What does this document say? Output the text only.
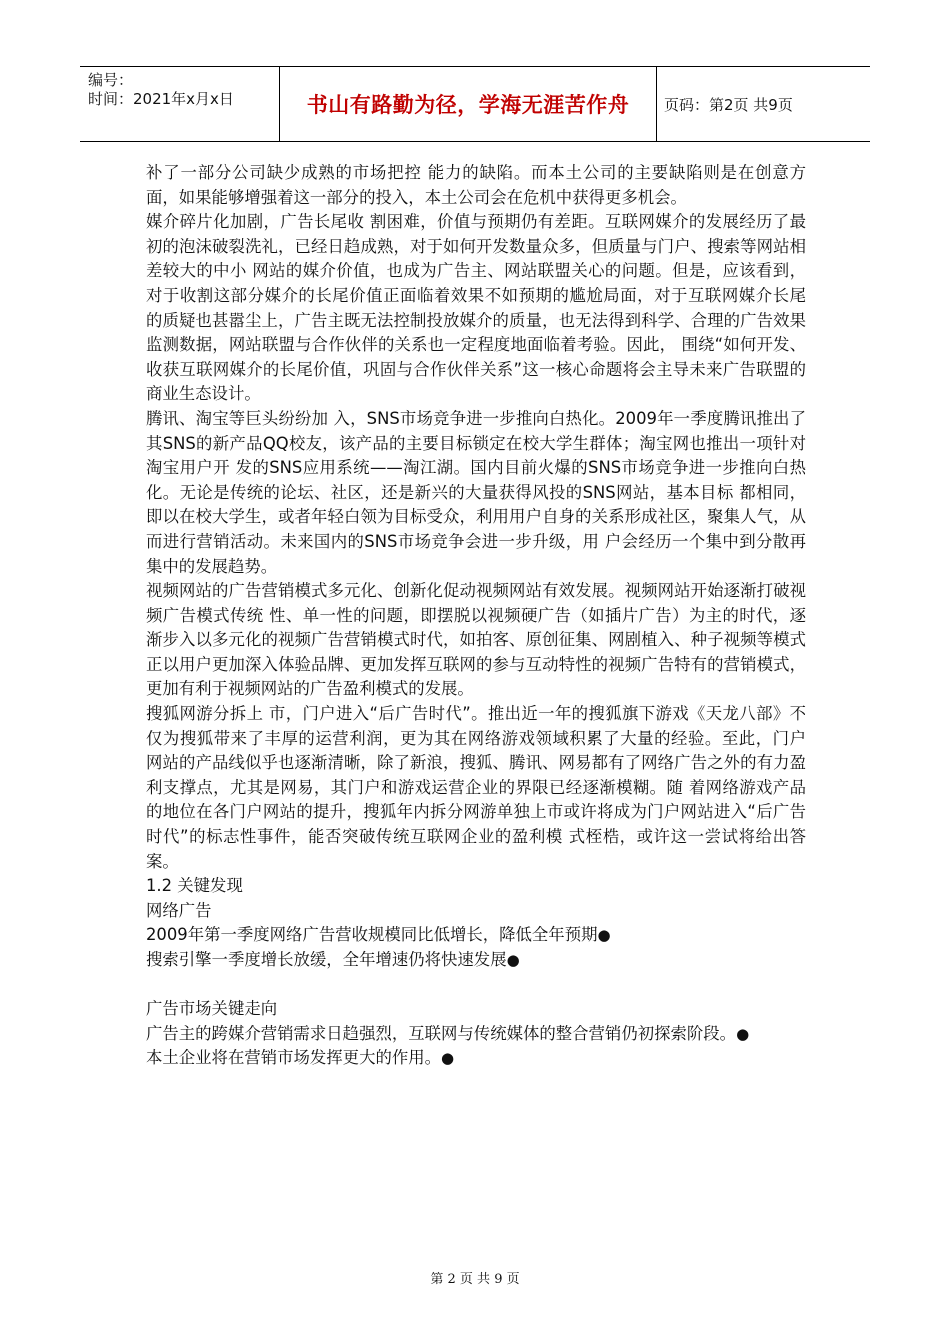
编号：
时间：2021年x月x日	书山有路勤为径，学海无涯苦作舟	页码：第2页 共9页

补了一部分公司缺少成熟的市场把控 能力的缺陷。而本土公司的主要缺陷则是在创意方面，如果能够增强着这一部分的投入，本土公司会在危机中获得更多机会。

媒介碎片化加剧，广告长尾收 割困难，价值与预期仍有差距。互联网媒介的发展经历了最初的泡沫破裂洗礼，已经日趋成熟，对于如何开发数量众多，但质量与门户、搜索等网站相差较大的中小 网站的媒介价值，也成为广告主、网站联盟关心的问题。但是，应该看到，对于收割这部分媒介的长尾价值正面临着效果不如预期的尴尬局面，对于互联网媒介长尾 的质疑也甚嚣尘上，广告主既无法控制投放媒介的质量，也无法得到科学、合理的广告效果监测数据，网站联盟与合作伙伴的关系也一定程度地面临着考验。因此， 围绕“如何开发、收获互联网媒介的长尾价值，巩固与合作伙伴关系”这一核心命题将会主导未来广告联盟的商业生态设计。

腾讯、淘宝等巨头纷纷加 入，SNS市场竞争进一步推向白热化。2009年一季度腾讯推出了其SNS的新产品QQ校友，该产品的主要目标锁定在校大学生群体；淘宝网也推出一项针对淘宝用户开 发的SNS应用系统——淘江湖。国内目前火爆的SNS市场竞争进一步推向白热化。无论是传统的论坛、社区，还是新兴的大量获得风投的SNS网站，基本目标 都相同，即以在校大学生，或者年轻白领为目标受众，利用用户自身的关系形成社区，聚集人气，从而进行营销活动。未来国内的SNS市场竞争会进一步升级，用 户会经历一个集中到分散再集中的发展趋势。

视频网站的广告营销模式多元化、创新化促动视频网站有效发展。视频网站开始逐渐打破视频广告模式传统 性、单一性的问题，即摆脱以视频硬广告（如插片广告）为主的时代，逐渐步入以多元化的视频广告营销模式时代，如拍客、原创征集、网剧植入、种子视频等模式 正以用户更加深入体验品牌、更加发挥互联网的参与互动特性的视频广告特有的营销模式，更加有利于视频网站的广告盈利模式的发展。

搜狐网游分拆上 市，门户进入“后广告时代”。推出近一年的搜狐旗下游戏《天龙八部》不仅为搜狐带来了丰厚的运营利润，更为其在网络游戏领域积累了大量的经验。至此，门户 网站的产品线似乎也逐渐清晰，除了新浪，搜狐、腾讯、网易都有了网络广告之外的有力盈利支撑点，尤其是网易，其门户和游戏运营企业的界限已经逐渐模糊。随 着网络游戏产品的地位在各门户网站的提升，搜狐年内拆分网游单独上市或许将成为门户网站进入“后广告时代”的标志性事件，能否突破传统互联网企业的盈利模 式桎梏，或许这一尝试将给出答案。

1.2 关键发现
网络广告
2009年第一季度网络广告营收规模同比低增长，降低全年预期●
搜索引擎一季度增长放缓，全年增速仍将快速发展●
广告市场关键走向

广告主的跨媒介营销需求日趋强烈，互联网与传统媒体的整合营销仍初探索阶段。●

本土企业将在营销市场发挥更大的作用。●
第 2 页 共 9 页
